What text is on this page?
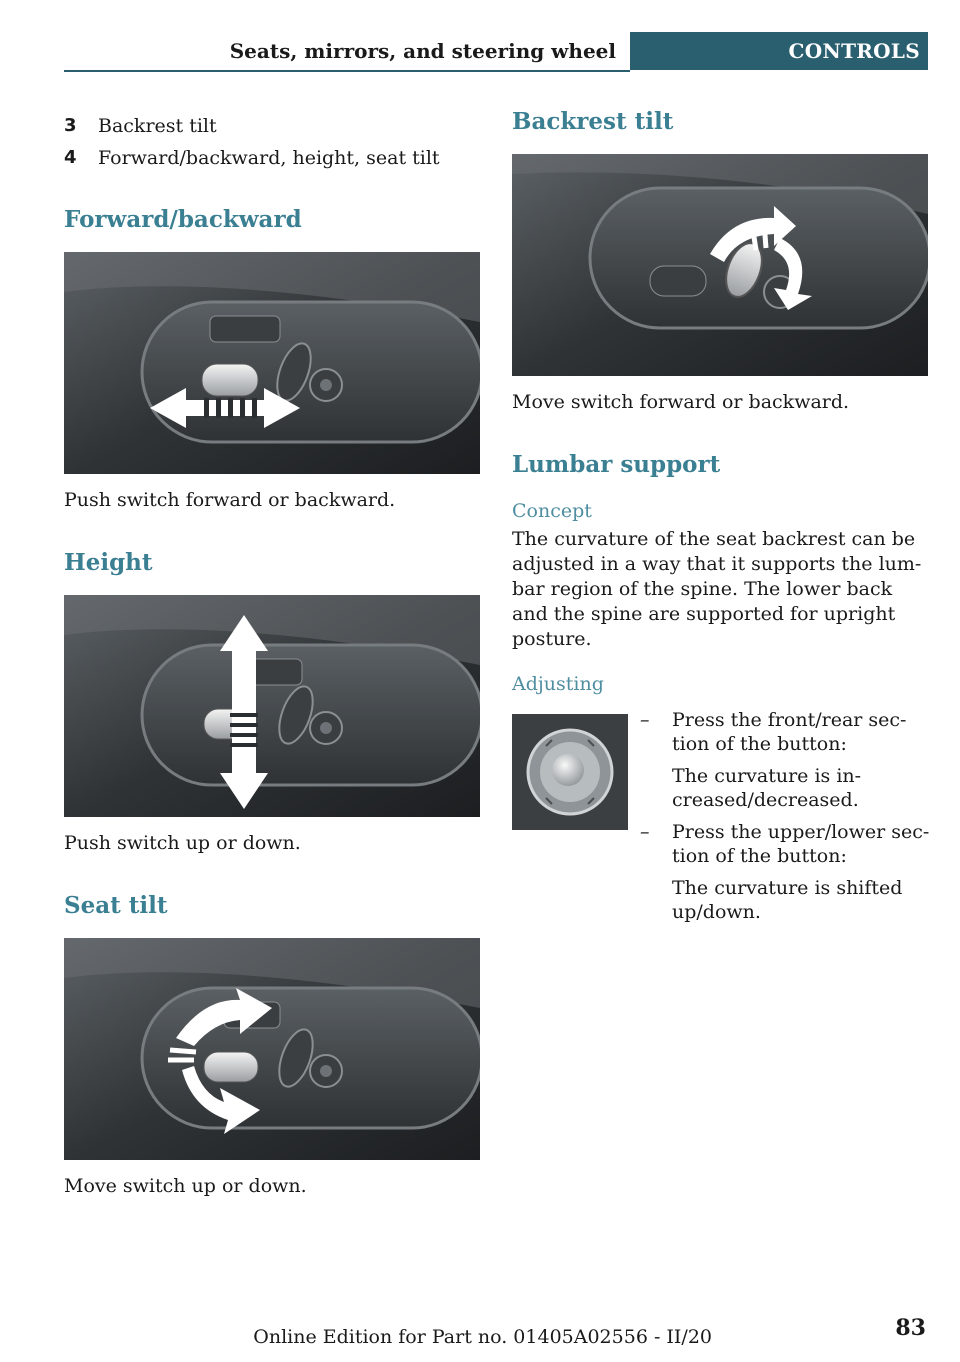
Seats, mirrors, and steering wheel	CONTROLS
3 Backrest tilt
4 Forward/backward, height, seat tilt
Forward/backward

Push switch forward or backward.

Height

Push switch up or down.

Seat tilt

Move switch up or down.

Backrest tilt

Move switch forward or backward.

Lumbar support
Concept

The curvature of the seat backrest can be adjusted in a way that it supports the lum-bar region of the spine. The lower back and the spine are supported for upright posture.

Adjusting
– Press the front/rear sec-tion of the button:
The curvature is in-creased/decreased.
– Press the upper/lower sec-tion of the button:
The curvature is shifted up/down.
Online Edition for Part no. 01405A02556 - II/20	83
